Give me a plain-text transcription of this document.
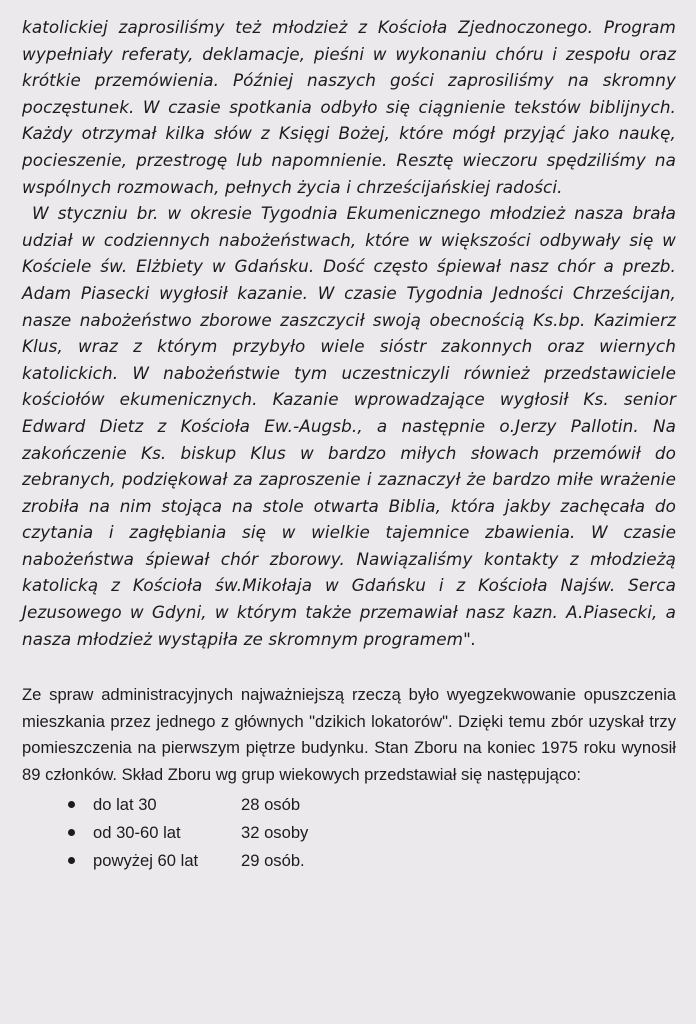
katolickiej zaprosiliśmy też młodzież z Kościoła Zjednoczonego. Program wypełniały referaty, deklamacje, pieśni w wykonaniu chóru i zespołu oraz krótkie przemówienia. Później naszych gości zaprosiliśmy na skromny poczęstunek. W czasie spotkania odbyło się ciągnienie tekstów biblijnych. Każdy otrzymał kilka słów z Księgi Bożej, które mógł przyjąć jako naukę, pocieszenie, przestrogę lub napomnienie. Resztę wieczoru spędziliśmy na wspólnych rozmowach, pełnych życia i chrześcijańskiej radości.

W styczniu br. w okresie Tygodnia Ekumenicznego młodzież nasza brała udział w codziennych nabożeństwach, które w większości odbywały się w Kościele św. Elżbiety w Gdańsku. Dość często śpiewał nasz chór a prezb. Adam Piasecki wygłosił kazanie. W czasie Tygodnia Jedności Chrześcijan, nasze nabożeństwo zborowe zaszczycił swoją obecnością Ks.bp. Kazimierz Klus, wraz z którym przybyło wiele sióstr zakonnych oraz wiernych katolickich. W nabożeństwie tym uczestniczyli również przedstawiciele kościołów ekumenicznych. Kazanie wprowadzające wygłosił Ks. senior Edward Dietz z Kościoła Ew.-Augsb., a następnie o.Jerzy Pallotin. Na zakończenie Ks. biskup Klus w bardzo miłych słowach przemówił do zebranych, podziękował za zaproszenie i zaznaczył że bardzo miłe wrażenie zrobiła na nim stojąca na stole otwarta Biblia, która jakby zachęcała do czytania i zagłębiania się w wielkie tajemnice zbawienia. W czasie nabożeństwa śpiewał chór zborowy. Nawiązaliśmy kontakty z młodzieżą katolicką z Kościoła św.Mikołaja w Gdańsku i z Kościoła Najśw. Serca Jezusowego w Gdyni, w którym także przemawiał nasz kazn. A.Piasecki, a nasza młodzież wystąpiła ze skromnym programem".

Ze spraw administracyjnych najważniejszą rzeczą było wyegzekwowanie opuszczenia mieszkania przez jednego z głównych "dzikich lokatorów". Dzięki temu zbór uzyskał trzy pomieszczenia na pierwszym piętrze budynku. Stan Zboru na koniec 1975 roku wynosił 89 członków. Skład Zboru wg grup wiekowych przedstawiał się następująco:

do lat 30	28 osób
od 30-60 lat	32 osoby
powyżej 60 lat	29 osób.
